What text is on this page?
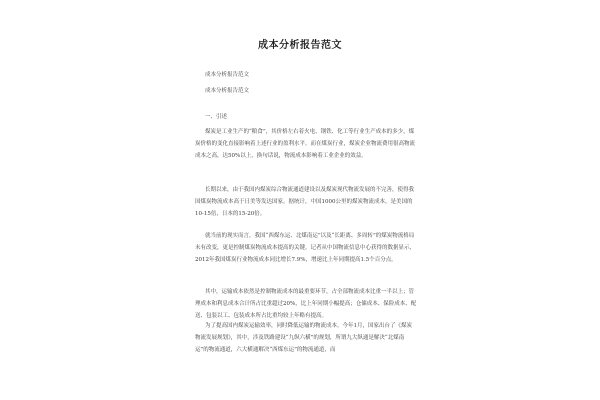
成本分析报告范文
成本分析报告范文
成本分析报告范文
一、引述
煤炭是工业生产的“粮食”，其价格左右着火电、钢铁、化工等行业生产成本的多少，煤炭价格的变化直接影响着上述行业的盈利水平。而在煤炭行业，煤炭企业物流费用很高物流成本之高，达50%以上，换句话说，物流成本影响着工业企业的效益。
长期以来，由于我国内煤炭综合物流通道建设以及煤炭现代物流发展的不完善，使得我国煤炭物流成本高于日美等发达国家。据统计，中国1000公里的煤炭物流成本，是美国的10-15倍，日本的15-20倍。
就当前的现实而言，我国“西煤东运、北煤南运”以及“长距离、多周转”的煤炭物流格局未有改变，更是控制煤炭物流成本提高的关键。记者从中国物流信息中心获得的数据显示，2012年我国煤炭行业物流成本同比增长7.9%，增速比上年同期提高1.5个百分点。
其中，运输成本依然是控制物流成本的最重要环节，占全部物流成本比重一半以上；管理成本和利息成本合计所占比重超过20%，比上年同期小幅提高；仓储成本、保险成本、配送、包装以工、包装成本所占比重均较上年略有提高。
为了提高国内煤炭运输效率，同时降低运输的物流成本。今年1月，国家出台了《煤炭物流发展规划》，其中，涉及铁路建设“九纵六横”的规划，所谓九大纵通是解决“北煤南运”的物流通道，六大横通解决“西煤东运”的物流通道，而
